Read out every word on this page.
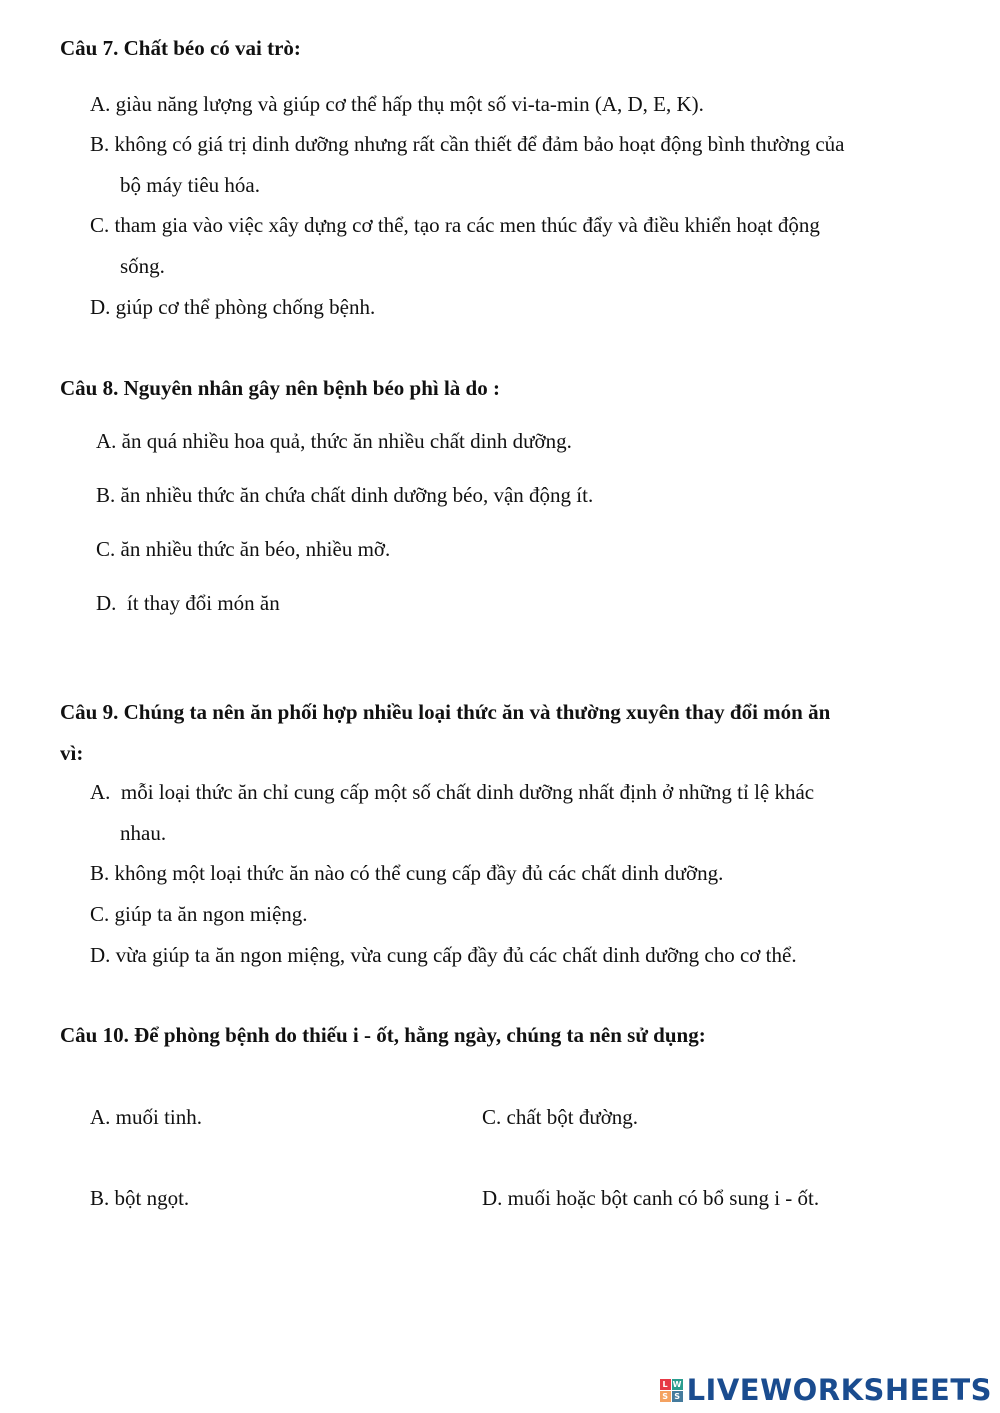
Câu 7. Chất béo có vai trò:

A. giàu năng lượng và giúp cơ thể hấp thụ một số vi-ta-min (A, D, E, K).

B. không có giá trị dinh dưỡng nhưng rất cần thiết để đảm bảo hoạt động bình thường của

bộ máy tiêu hóa.

C. tham gia vào việc xây dựng cơ thể, tạo ra các men thúc đẩy và điều khiển hoạt động

sống.

D. giúp cơ thể phòng chống bệnh.

Câu 8. Nguyên nhân gây nên bệnh béo phì là do :

A. ăn quá nhiều hoa quả, thức ăn nhiều chất dinh dưỡng.

B. ăn nhiều thức ăn chứa chất dinh dưỡng béo, vận động ít.

C. ăn nhiều thức ăn béo, nhiều mỡ.

D.  ít thay đổi món ăn

Câu 9. Chúng ta nên ăn phối hợp nhiều loại thức ăn và thường xuyên thay đổi món ăn

vì:

A.  mỗi loại thức ăn chỉ cung cấp một số chất dinh dưỡng nhất định ở những tỉ lệ khác

nhau.

B. không một loại thức ăn nào có thể cung cấp đầy đủ các chất dinh dưỡng.

C. giúp ta ăn ngon miệng.

D. vừa giúp ta ăn ngon miệng, vừa cung cấp đầy đủ các chất dinh dưỡng cho cơ thể.

Câu 10. Để phòng bệnh do thiếu i - ốt, hằng ngày, chúng ta nên sử dụng:

A. muối tinh.	C. chất bột đường.
B. bột ngọt.	D. muối hoặc bột canh có bổ sung i - ốt.
L W
S S LIVEWORKSHEETS
